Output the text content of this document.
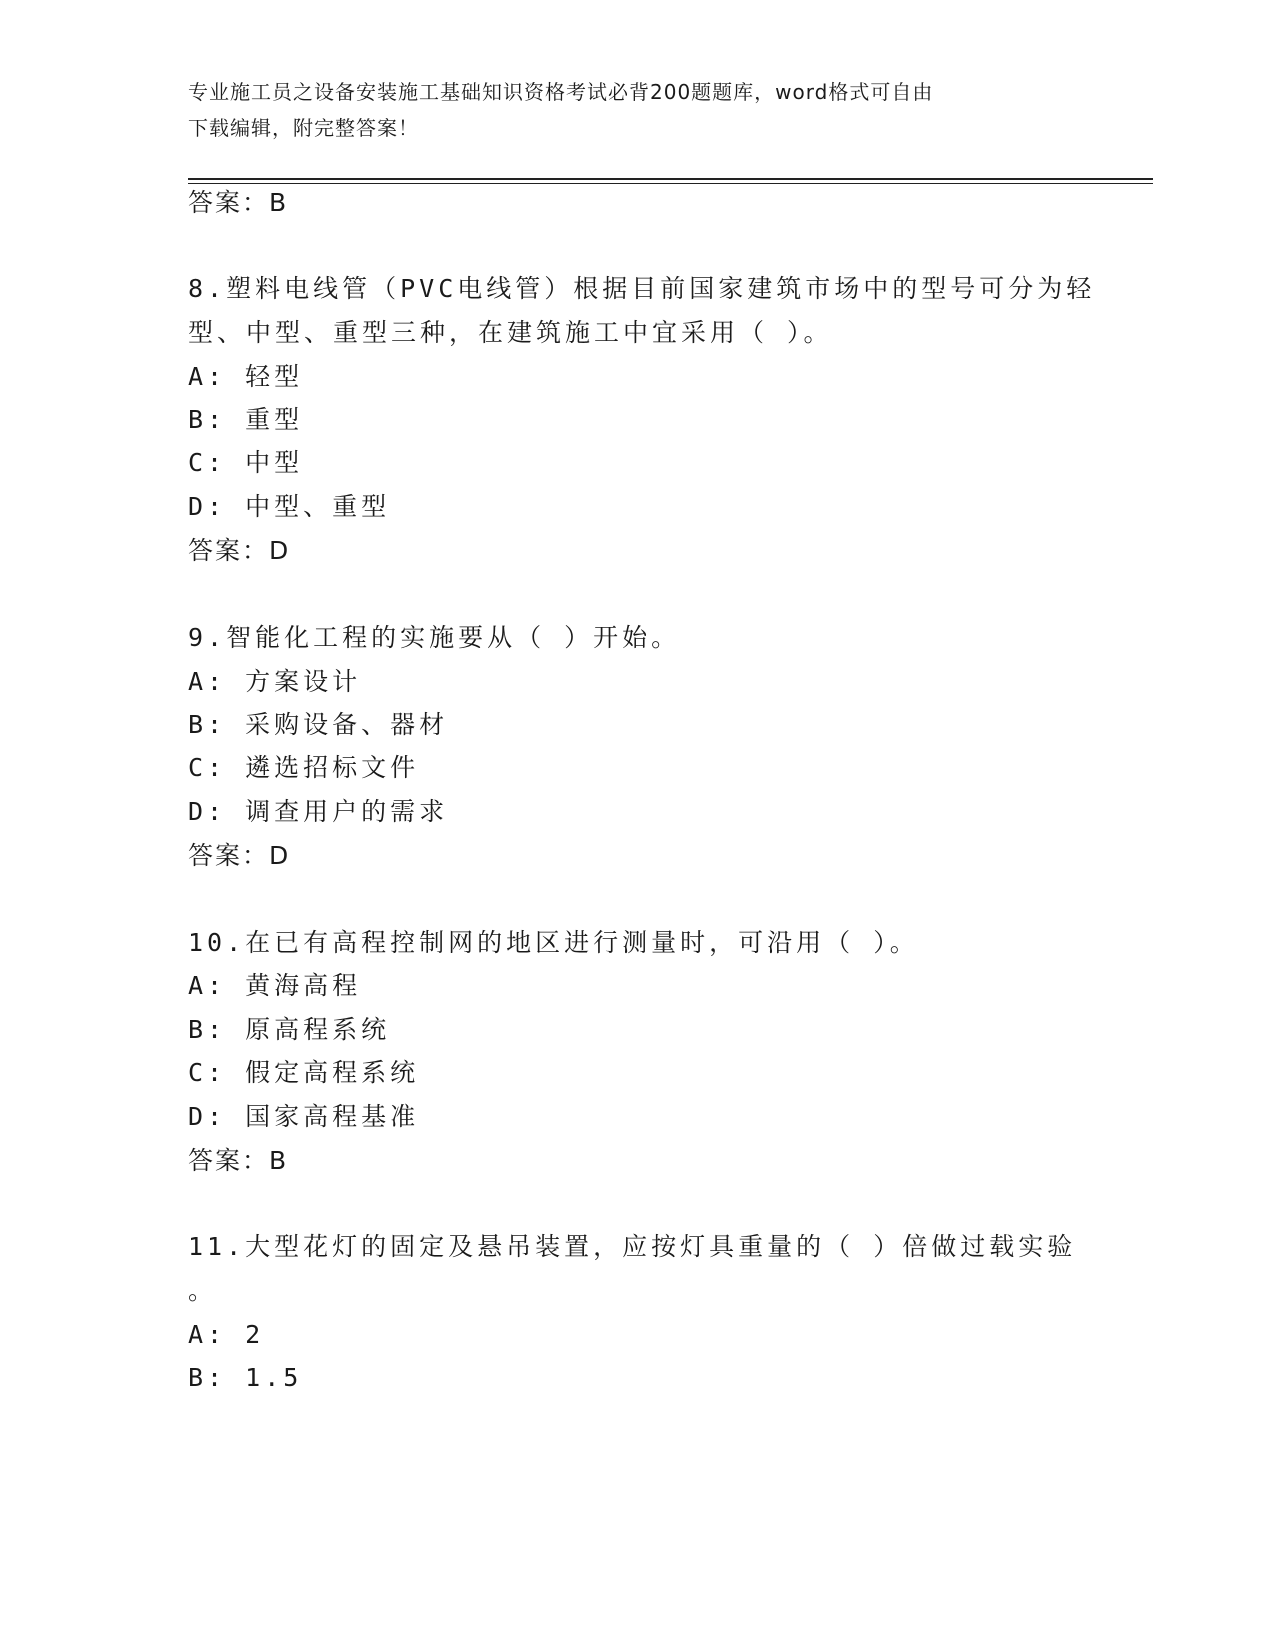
专业施工员之设备安装施工基础知识资格考试必背200题题库，word格式可自由
下载编辑，附完整答案！
答案：B
8.塑料电线管（PVC电线管）根据目前国家建筑市场中的型号可分为轻
型、中型、重型三种，在建筑施工中宜采用（ ）。
A: 轻型
B: 重型
C: 中型
D: 中型、重型
答案：D
9.智能化工程的实施要从（ ）开始。
A: 方案设计
B: 采购设备、器材
C: 遴选招标文件
D: 调查用户的需求
答案：D
10.在已有高程控制网的地区进行测量时，可沿用（ ）。
A: 黄海高程
B: 原高程系统
C: 假定高程系统
D: 国家高程基准
答案：B
11.大型花灯的固定及悬吊装置，应按灯具重量的（ ）倍做过载实验
。
A: 2
B: 1.5
